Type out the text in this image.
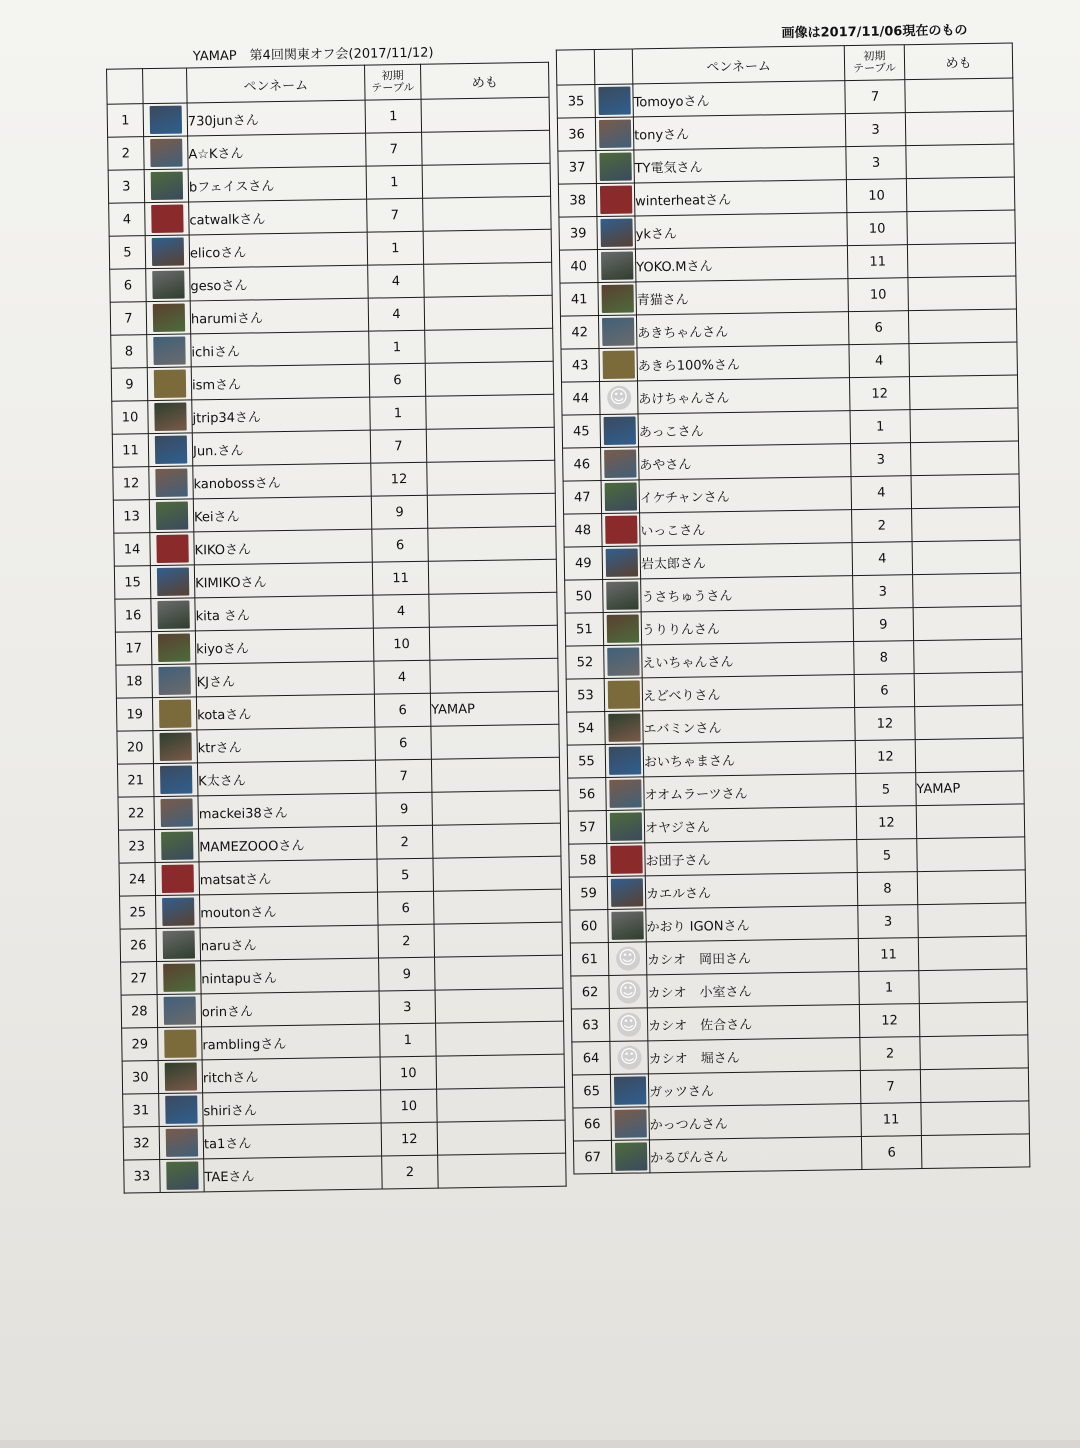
YAMAP　第4回関東オフ会(2017/11/12)
画像は2017/11/06現在のもの
		ペンネーム	初期
テーブル	めも
1		730junさん	1	
2		A☆Kさん	7	
3		bフェイスさん	1	
4		catwalkさん	7	
5		elicoさん	1	
6		gesoさん	4	
7		harumiさん	4	
8		ichiさん	1	
9		ismさん	6	
10		jtrip34さん	1	
11		Jun.さん	7	
12		kanobossさん	12	
13		Keiさん	9	
14		KIKOさん	6	
15		KIMIKOさん	11	
16		kita さん	4	
17		kiyoさん	10	
18		KJさん	4	
19		kotaさん	6	YAMAP
20		ktrさん	6	
21		K太さん	7	
22		mackei38さん	9	
23		MAMEZOOOさん	2	
24		matsatさん	5	
25		moutonさん	6	
26		naruさん	2	
27		nintapuさん	9	
28		orinさん	3	
29		ramblingさん	1	
30		ritchさん	10	
31		shiriさん	10	
32		ta1さん	12	
33		TAEさん	2	
		ペンネーム	初期
テーブル	めも
35		Tomoyoさん	7	
36		tonyさん	3	
37		TY電気さん	3	
38		winterheatさん	10	
39		ykさん	10	
40		YOKO.Mさん	11	
41		青猫さん	10	
42		あきちゃんさん	6	
43		あきら100%さん	4	
44	☺	あけちゃんさん	12	
45		あっこさん	1	
46		あやさん	3	
47		イケチャンさん	4	
48		いっこさん	2	
49		岩太郎さん	4	
50		うさちゅうさん	3	
51		うりりんさん	9	
52		えいちゃんさん	8	
53		えどべりさん	6	
54		エバミンさん	12	
55		おいちゃまさん	12	
56		オオムラーツさん	5	YAMAP
57		オヤジさん	12	
58		お団子さん	5	
59		カエルさん	8	
60		かおり IGONさん	3	
61	☺	カシオ　岡田さん	11	
62	☺	カシオ　小室さん	1	
63	☺	カシオ　佐合さん	12	
64	☺	カシオ　堀さん	2	
65		ガッツさん	7	
66		かっつんさん	11	
67		かるぴんさん	6	
